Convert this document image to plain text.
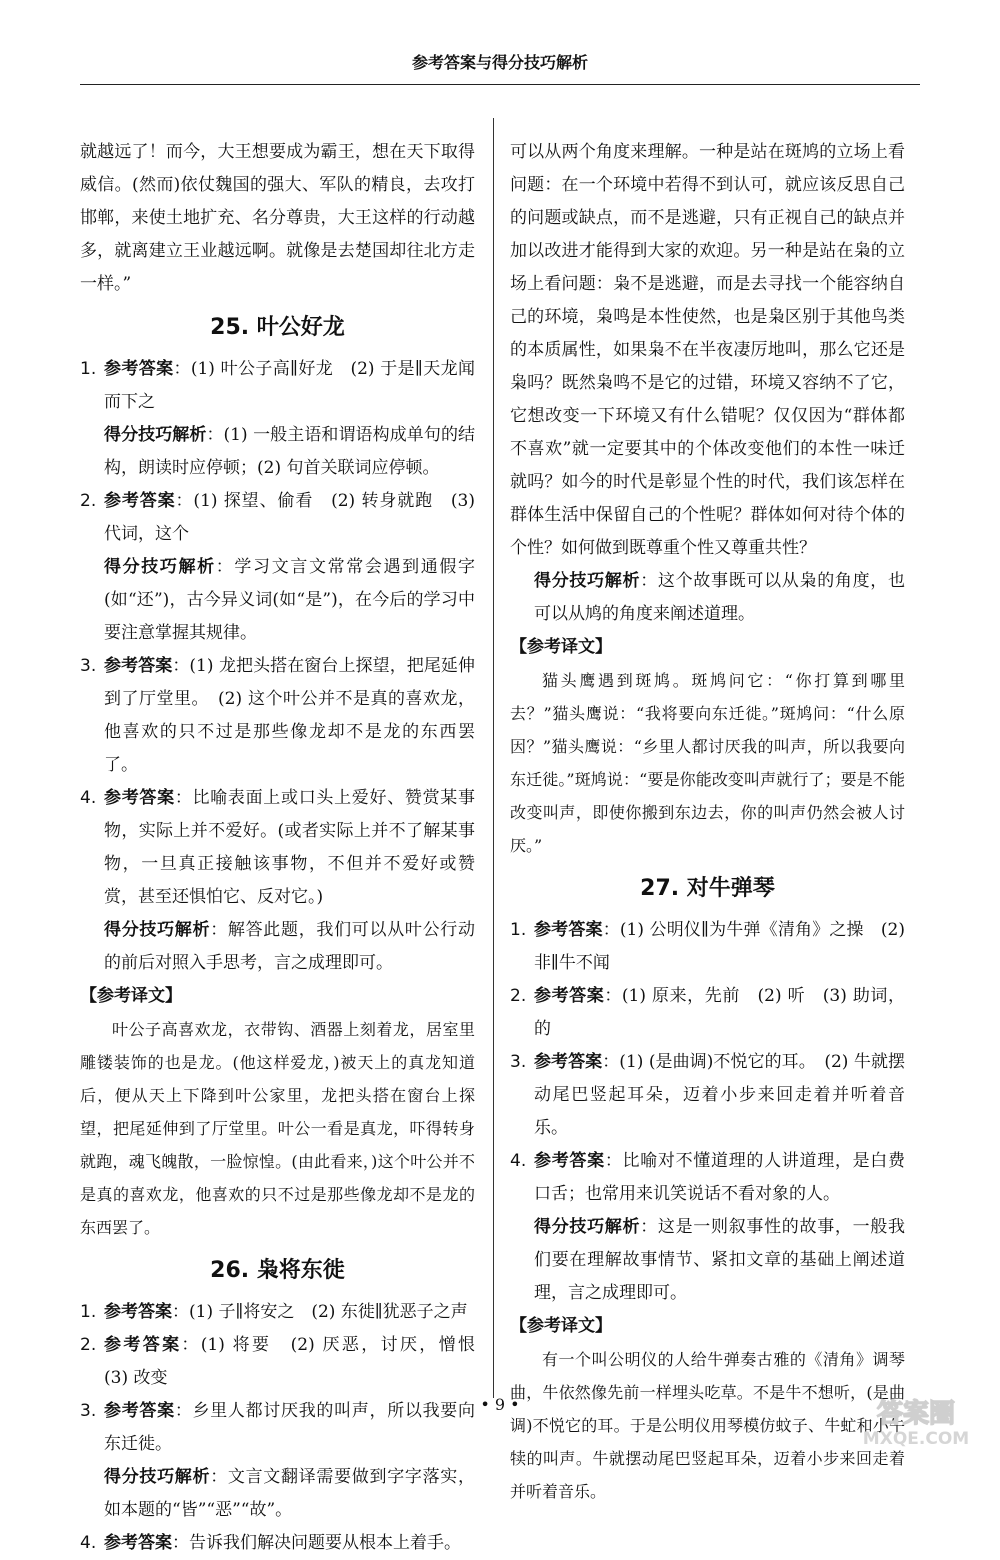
参考答案与得分技巧解析

就越远了！而今，大王想要成为霸王，想在天下取得威信。(然而)依仗魏国的强大、军队的精良，去攻打邯郸，来使土地扩充、名分尊贵，大王这样的行动越多，就离建立王业越远啊。就像是去楚国却往北方走一样。”

25. 叶公好龙
1. 参考答案：(1) 叶公子高∥好龙　(2) 于是∥天龙闻而下之
得分技巧解析：(1) 一般主语和谓语构成单句的结构，朗读时应停顿；(2) 句首关联词应停顿。
2. 参考答案：(1) 探望、偷看　(2) 转身就跑　(3) 代词，这个
得分技巧解析：学习文言文常常会遇到通假字(如“还”)，古今异义词(如“是”)，在今后的学习中要注意掌握其规律。
3. 参考答案：(1) 龙把头搭在窗台上探望，把尾延伸到了厅堂里。　(2) 这个叶公并不是真的喜欢龙，他喜欢的只不过是那些像龙却不是龙的东西罢了。
4. 参考答案：比喻表面上或口头上爱好、赞赏某事物，实际上并不爱好。(或者实际上并不了解某事物，一旦真正接触该事物，不但并不爱好或赞赏，甚至还惧怕它、反对它。)
得分技巧解析：解答此题，我们可以从叶公行动的前后对照入手思考，言之成理即可。
【参考译文】

叶公子高喜欢龙，衣带钩、酒器上刻着龙，居室里雕镂装饰的也是龙。(他这样爱龙，)被天上的真龙知道后，便从天上下降到叶公家里，龙把头搭在窗台上探望，把尾延伸到了厅堂里。叶公一看是真龙，吓得转身就跑，魂飞魄散，一脸惊惶。(由此看来，)这个叶公并不是真的喜欢龙，他喜欢的只不过是那些像龙却不是龙的东西罢了。

26. 枭将东徙
1. 参考答案：(1) 子∥将安之　(2) 东徙∥犹恶子之声
2. 参考答案：(1) 将要　(2) 厌恶，讨厌，憎恨　(3) 改变
3. 参考答案：乡里人都讨厌我的叫声，所以我要向东迁徙。
得分技巧解析：文言文翻译需要做到字字落实，如本题的“皆”“恶”“故”。
4. 参考答案：告诉我们解决问题要从根本上着手。

可以从两个角度来理解。一种是站在斑鸠的立场上看问题：在一个环境中若得不到认可，就应该反思自己的问题或缺点，而不是逃避，只有正视自己的缺点并加以改进才能得到大家的欢迎。另一种是站在枭的立场上看问题：枭不是逃避，而是去寻找一个能容纳自己的环境，枭鸣是本性使然，也是枭区别于其他鸟类的本质属性，如果枭不在半夜凄厉地叫，那么它还是枭吗？既然枭鸣不是它的过错，环境又容纳不了它，它想改变一下环境又有什么错呢？仅仅因为“群体都不喜欢”就一定要其中的个体改变他们的本性一味迁就吗？如今的时代是彰显个性的时代，我们该怎样在群体生活中保留自己的个性呢？群体如何对待个体的个性？如何做到既尊重个性又尊重共性？

得分技巧解析：这个故事既可以从枭的角度，也可以从鸠的角度来阐述道理。
【参考译文】

猫头鹰遇到斑鸠。斑鸠问它：“你打算到哪里去？”猫头鹰说：“我将要向东迁徙。”斑鸠问：“什么原因？”猫头鹰说：“乡里人都讨厌我的叫声，所以我要向东迁徙。”斑鸠说：“要是你能改变叫声就行了；要是不能改变叫声，即使你搬到东边去，你的叫声仍然会被人讨厌。”

27. 对牛弹琴
1. 参考答案：(1) 公明仪∥为牛弹《清角》之操　(2) 非∥牛不闻
2. 参考答案：(1) 原来，先前　(2) 听　(3) 助词，的
3. 参考答案：(1) (是曲调)不悦它的耳。　(2) 牛就摆动尾巴竖起耳朵，迈着小步来回走着并听着音乐。
4. 参考答案：比喻对不懂道理的人讲道理，是白费口舌；也常用来讥笑说话不看对象的人。
得分技巧解析：这是一则叙事性的故事，一般我们要在理解故事情节、紧扣文章的基础上阐述道理，言之成理即可。
【参考译文】

有一个叫公明仪的人给牛弹奏古雅的《清角》调琴曲，牛依然像先前一样埋头吃草。不是牛不想听，(是曲调)不悦它的耳。于是公明仪用琴模仿蚊子、牛虻和小牛犊的叫声。牛就摆动尾巴竖起耳朵，迈着小步来回走着并听着音乐。

• 9 •	答案圈
MXQE.COM
